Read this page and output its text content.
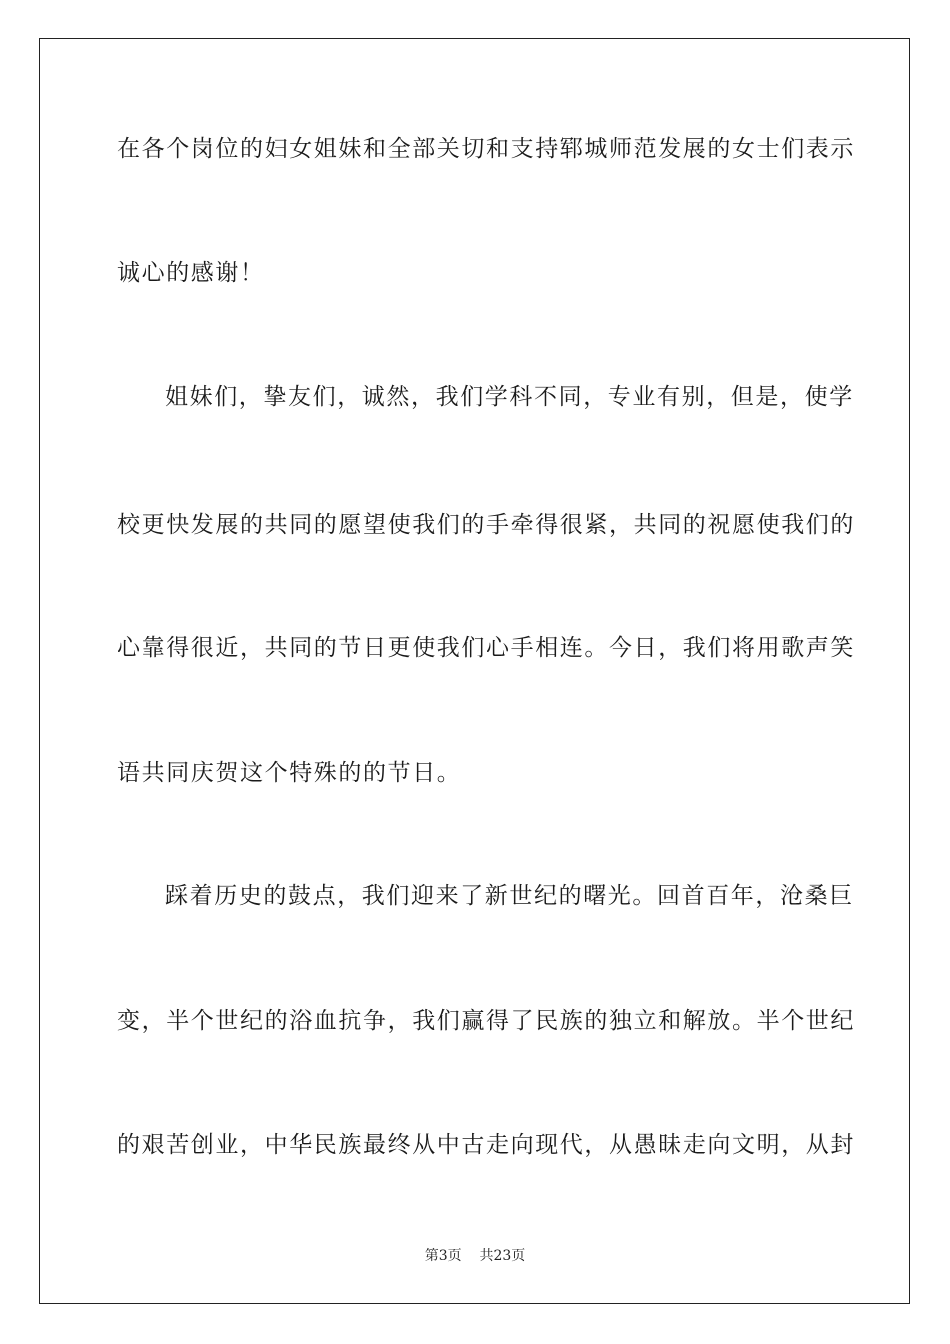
在各个岗位的妇女姐妹和全部关切和支持郓城师范发展的女士们表示
诚心的感谢！
姐妹们，挚友们，诚然，我们学科不同，专业有别，但是，使学
校更快发展的共同的愿望使我们的手牵得很紧，共同的祝愿使我们的
心靠得很近，共同的节日更使我们心手相连。今日，我们将用歌声笑
语共同庆贺这个特殊的的节日。
踩着历史的鼓点，我们迎来了新世纪的曙光。回首百年，沧桑巨
变，半个世纪的浴血抗争，我们赢得了民族的独立和解放。半个世纪
的艰苦创业，中华民族最终从中古走向现代，从愚昧走向文明，从封
第3页 共23页
